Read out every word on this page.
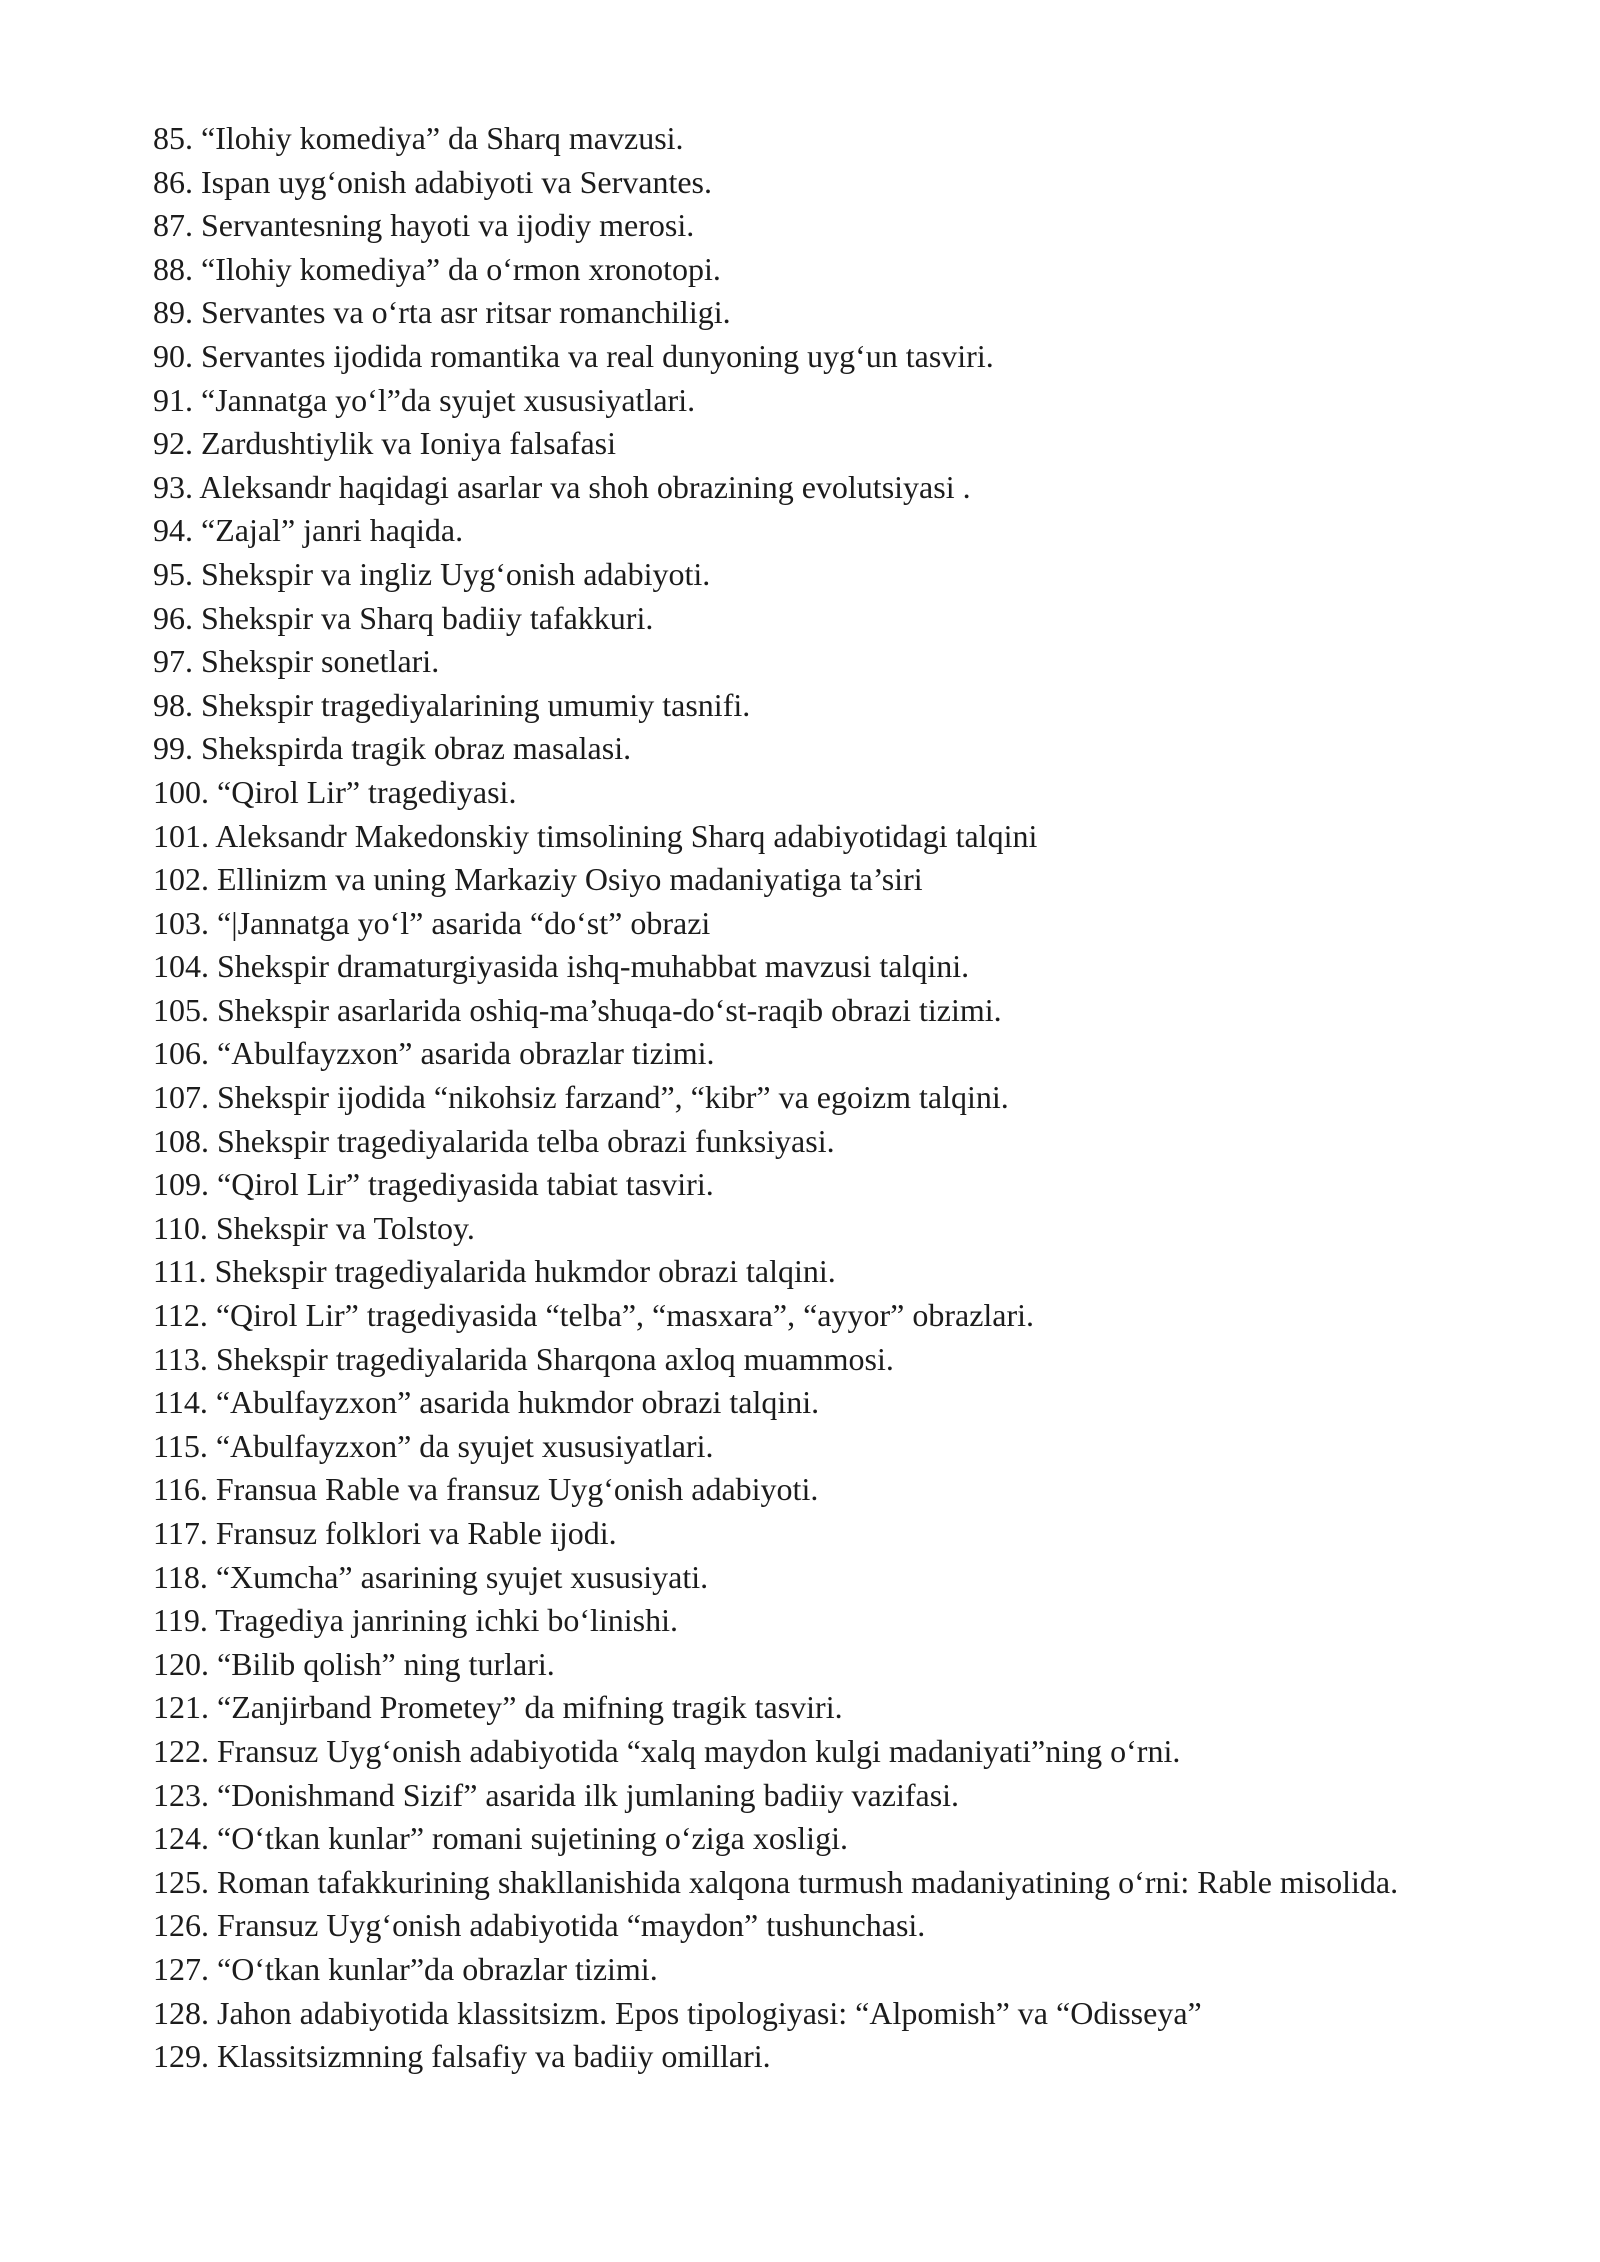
85. “Ilohiy komediya” da Sharq mavzusi.
86. Ispan uyg‘onish adabiyoti va Servantes.
87. Servantesning hayoti va ijodiy merosi.
88. “Ilohiy komediya” da o‘rmon xronotopi.
89. Servantes va o‘rta asr ritsar romanchiligi.
90. Servantes ijodida romantika va real dunyoning uyg‘un tasviri.
91. “Jannatga yo‘l”da syujet xususiyatlari.
92. Zardushtiylik va Ioniya falsafasi
93. Aleksandr haqidagi asarlar va shoh obrazining evolutsiyasi .
94. “Zajal” janri haqida.
95. Shekspir va ingliz Uyg‘onish adabiyoti.
96. Shekspir va Sharq badiiy tafakkuri.
97. Shekspir sonetlari.
98. Shekspir tragediyalarining umumiy tasnifi.
99. Shekspirda tragik obraz masalasi.
100. “Qirol Lir” tragediyasi.
101. Aleksandr Makedonskiy timsolining Sharq adabiyotidagi talqini
102. Ellinizm va uning Markaziy Osiyo madaniyatiga ta’siri
103. “|Jannatga yo‘l” asarida “do‘st” obrazi
104. Shekspir dramaturgiyasida ishq-muhabbat mavzusi talqini.
105. Shekspir asarlarida oshiq-ma’shuqa-do‘st-raqib obrazi tizimi.
106. “Abulfayzxon” asarida obrazlar tizimi.
107. Shekspir ijodida “nikohsiz farzand”, “kibr” va egoizm talqini.
108. Shekspir tragediyalarida telba obrazi funksiyasi.
109. “Qirol Lir” tragediyasida tabiat tasviri.
110. Shekspir va Tolstoy.
111. Shekspir tragediyalarida hukmdor obrazi talqini.
112. “Qirol Lir” tragediyasida “telba”, “masxara”, “ayyor” obrazlari.
113. Shekspir tragediyalarida Sharqona axloq muammosi.
114. “Abulfayzxon” asarida hukmdor obrazi talqini.
115. “Abulfayzxon” da syujet xususiyatlari.
116. Fransua Rable va fransuz Uyg‘onish adabiyoti.
117. Fransuz folklori va Rable ijodi.
118. “Xumcha” asarining syujet xususiyati.
119. Tragediya janrining ichki bo‘linishi.
120. “Bilib qolish” ning turlari.
121. “Zanjirband Prometey” da mifning tragik tasviri.
122. Fransuz Uyg‘onish adabiyotida “xalq maydon kulgi madaniyati”ning o‘rni.
123. “Donishmand Sizif” asarida ilk jumlaning badiiy vazifasi.
124. “O‘tkan kunlar” romani sujetining o‘ziga xosligi.
125. Roman tafakkurining shakllanishida xalqona turmush madaniyatining o‘rni: Rable misolida.
126. Fransuz Uyg‘onish adabiyotida “maydon” tushunchasi.
127. “O‘tkan kunlar”da obrazlar tizimi.
128. Jahon adabiyotida klassitsizm. Epos tipologiyasi: “Alpomish” va “Odisseya”
129. Klassitsizmning falsafiy va badiiy omillari.
